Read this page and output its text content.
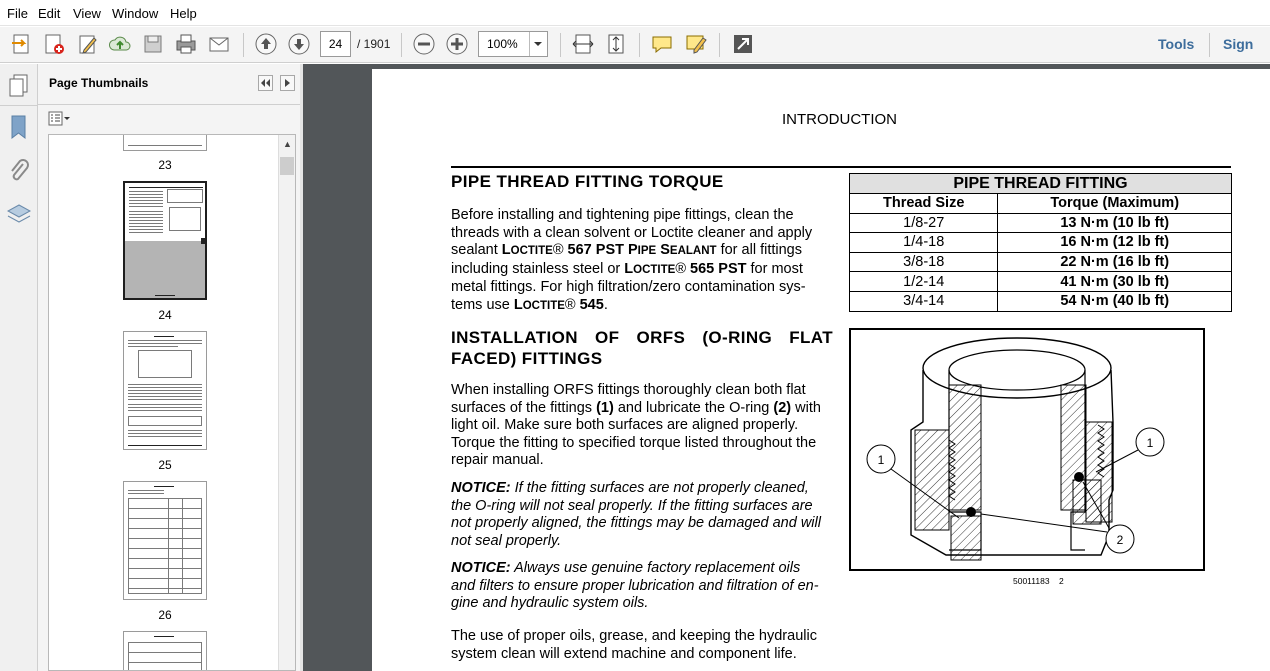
File Edit View Window Help
24	/ 1901	100%	Tools Sign
Page Thumbnails
23
24
25
26
▲
INTRODUCTION
PIPE THREAD FITTING TORQUE
Before installing and tightening pipe fittings, clean the
threads with a clean solvent or Loctite cleaner and apply
sealant LOCTITE® 567 PST PIPE SEALANT for all fittings
including stainless steel or LOCTITE® 565 PST for most
metal fittings. For high filtration/zero contamination sys-
tems use LOCTITE® 545.
INSTALLATION OF ORFS (O-RING FLAT
FACED) FITTINGS
When installing ORFS fittings thoroughly clean both flat
surfaces of the fittings (1) and lubricate the O-ring (2) with
light oil. Make sure both surfaces are aligned properly.
Torque the fitting to specified torque listed throughout the
repair manual.
NOTICE: If the fitting surfaces are not properly cleaned,
the O-ring will not seal properly. If the fitting surfaces are
not properly aligned, the fittings may be damaged and will
not seal properly.
NOTICE: Always use genuine factory replacement oils
and filters to ensure proper lubrication and filtration of en-
gine and hydraulic system oils.
The use of proper oils, grease, and keeping the hydraulic
system clean will extend machine and component life.
PIPE THREAD FITTING	
Thread Size	Torque (Maximum)
1/8-27	13 N·m (10 lb ft)
1/4-18	16 N·m (12 lb ft)
3/8-18	22 N·m (16 lb ft)
1/2-14	41 N·m (30 lb ft)
3/4-14	54 N·m (40 lb ft)
1
1
2
50011183    2
